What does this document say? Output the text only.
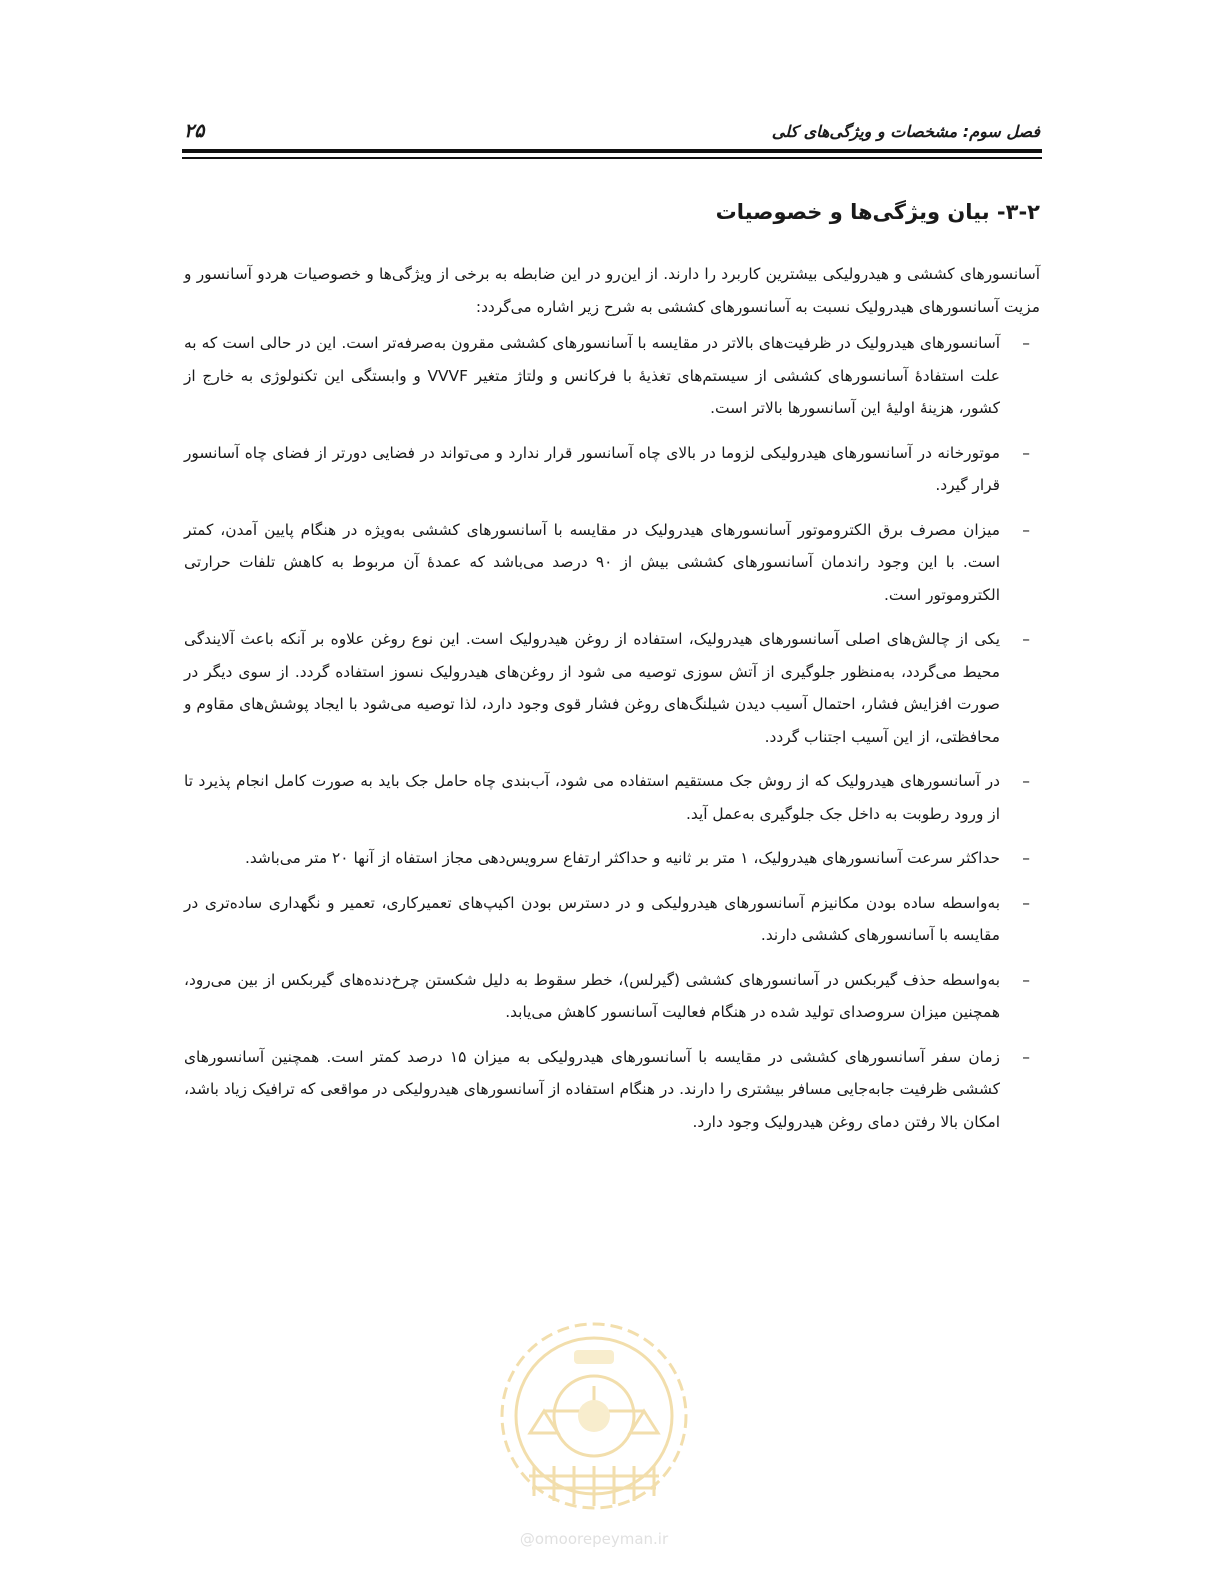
فصل سوم: مشخصات و ویژگی‌های کلی
۲۵
۳-۲- بیان ویژگی‌ها و خصوصیات

آسانسورهای کششی و هیدرولیکی بیشترین کاربرد را دارند. از این‌رو در این ضابطه به برخی از ویژگی‌ها و خصوصیات هردو آسانسور و مزیت آسانسورهای هیدرولیک نسبت به آسانسورهای کششی به شرح زیر اشاره می‌گردد:

–
آسانسورهای هیدرولیک در ظرفیت‌های بالاتر در مقایسه با آسانسورهای کششی مقرون به‌صرفه‌تر است. این در حالی است که به علت استفادهٔ آسانسورهای کششی از سیستم‌های تغذیهٔ با فرکانس و ولتاژ متغیر VVVF و وابستگی این تکنولوژی به خارج از کشور، هزینهٔ اولیهٔ این آسانسورها بالاتر است.
–
موتورخانه در آسانسورهای هیدرولیکی لزوما در بالای چاه آسانسور قرار ندارد و می‌تواند در فضایی دورتر از فضای چاه آسانسور قرار گیرد.
–
میزان مصرف برق الکتروموتور آسانسورهای هیدرولیک در مقایسه با آسانسورهای کششی به‌ویژه در هنگام پایین آمدن، کمتر است. با این وجود راندمان آسانسورهای کششی بیش از ۹۰ درصد می‌باشد که عمدهٔ آن مربوط به کاهش تلفات حرارتی الکتروموتور است.
–
یکی از چالش‌های اصلی آسانسورهای هیدرولیک، استفاده از روغن هیدرولیک است. این نوع روغن علاوه بر آنکه باعث آلایندگی محیط می‌گردد، به‌منظور جلوگیری از آتش سوزی توصیه می شود از روغن‌های هیدرولیک نسوز استفاده گردد. از سوی دیگر در صورت افزایش فشار، احتمال آسیب دیدن شیلنگ‌های روغن فشار قوی وجود دارد، لذا توصیه می‌شود با ایجاد پوشش‌های مقاوم و محافظتی، از این آسیب اجتناب گردد.
–
در آسانسورهای هیدرولیک که از روش جک مستقیم استفاده می شود، آب‌بندی چاه حامل جک باید به صورت کامل انجام پذیرد تا از ورود رطوبت به داخل جک جلوگیری به‌عمل آید.
–
حداکثر سرعت آسانسورهای هیدرولیک، ۱ متر بر ثانیه و حداکثر ارتفاع سرویس‌دهی مجاز استفاه از آنها ۲۰ متر می‌باشد.
–
به‌واسطه ساده بودن مکانیزم آسانسورهای هیدرولیکی و در دسترس بودن اکیپ‌های تعمیرکاری، تعمیر و نگهداری ساده‌تری در مقایسه با آسانسورهای کششی دارند.
–
به‌واسطه حذف گیربکس در آسانسورهای کششی (گیرلس)، خطر سقوط به دلیل شکستن چرخ‌دنده‌های گیربکس از بین می‌رود، همچنین میزان سروصدای تولید شده در هنگام فعالیت آسانسور کاهش می‌یابد.
–
زمان سفر آسانسورهای کششی در مقایسه با آسانسورهای هیدرولیکی به میزان ۱۵ درصد کمتر است. همچنین آسانسورهای کششی ظرفیت جابه‌جایی مسافر بیشتری را دارند. در هنگام استفاده از آسانسورهای هیدرولیکی در مواقعی که ترافیک زیاد باشد، امکان بالا رفتن دمای روغن هیدرولیک وجود دارد.
@omoorepeyman.ir
